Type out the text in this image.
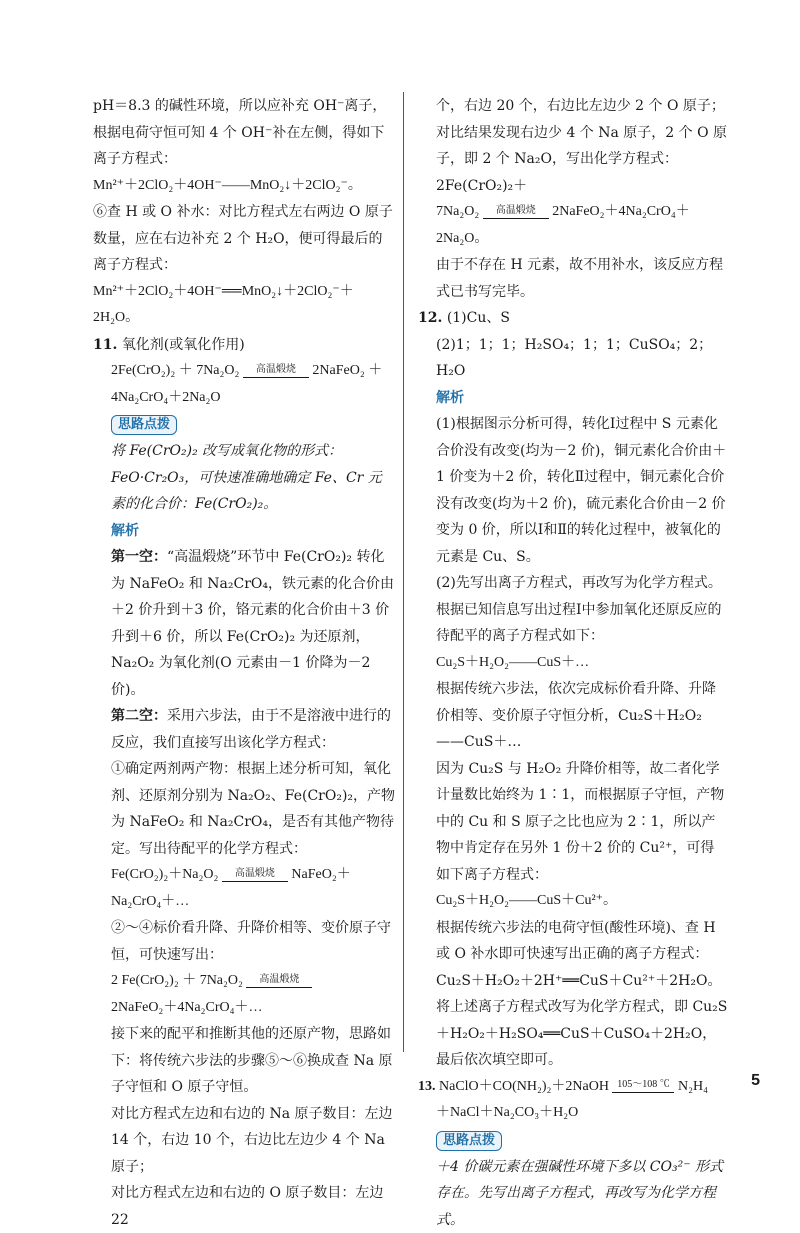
pH＝8.3 的碱性环境，所以应补充 OH⁻离子，根据电荷守恒可知 4 个 OH⁻补在左侧，得如下离子方程式：

Mn²⁺＋2ClO₂＋4OH⁻——MnO₂↓＋2ClO₂⁻。

⑥查 H 或 O 补水：对比方程式左右两边 O 原子数量，应在右边补充 2 个 H₂O，便可得最后的离子方程式：

Mn²⁺＋2ClO₂＋4OH⁻══MnO₂↓＋2ClO₂⁻＋2H₂O。

11. 氧化剂(或氧化作用)

2Fe(CrO₂)₂ ＋ 7Na₂O₂ 高温煅烧 2NaFeO₂ ＋

4Na₂CrO₄＋2Na₂O

思路点拨

将 Fe(CrO₂)₂ 改写成氧化物的形式：FeO·Cr₂O₃，可快速准确地确定 Fe、Cr 元素的化合价：Fe(CrO₂)₂。

解析

第一空：“高温煅烧”环节中 Fe(CrO₂)₂ 转化为 NaFeO₂ 和 Na₂CrO₄，铁元素的化合价由＋2 价升到＋3 价，铬元素的化合价由＋3 价升到＋6 价，所以 Fe(CrO₂)₂ 为还原剂，Na₂O₂ 为氧化剂(O 元素由－1 价降为－2 价)。

第二空：采用六步法，由于不是溶液中进行的反应，我们直接写出该化学方程式：

①确定两剂两产物：根据上述分析可知，氧化剂、还原剂分别为 Na₂O₂、Fe(CrO₂)₂，产物为 NaFeO₂ 和 Na₂CrO₄，是否有其他产物待定。写出待配平的化学方程式：

Fe(CrO₂)₂＋Na₂O₂ 高温煅烧 NaFeO₂＋Na₂CrO₄＋…

②～④标价看升降、升降价相等、变价原子守恒，可快速写出：

2 Fe(CrO₂)₂ ＋ 7Na₂O₂ 高温煅烧

2NaFeO₂＋4Na₂CrO₄＋…

接下来的配平和推断其他的还原产物，思路如下：将传统六步法的步骤⑤～⑥换成查 Na 原子守恒和 O 原子守恒。

对比方程式左边和右边的 Na 原子数目：左边 14 个，右边 10 个，右边比左边少 4 个 Na 原子；

对比方程式左边和右边的 O 原子数目：左边 22

个，右边 20 个，右边比左边少 2 个 O 原子；

对比结果发现右边少 4 个 Na 原子，2 个 O 原子，即 2 个 Na₂O，写出化学方程式：2Fe(CrO₂)₂＋

7Na₂O₂ 高温煅烧 2NaFeO₂＋4Na₂CrO₄＋2Na₂O。

由于不存在 H 元素，故不用补水，该反应方程式已书写完毕。

12. (1)Cu、S

(2)1；1；1；H₂SO₄；1；1；CuSO₄；2；H₂O

解析

(1)根据图示分析可得，转化Ⅰ过程中 S 元素化合价没有改变(均为－2 价)，铜元素化合价由＋1 价变为＋2 价，转化Ⅱ过程中，铜元素化合价没有改变(均为＋2 价)，硫元素化合价由－2 价变为 0 价，所以Ⅰ和Ⅱ的转化过程中，被氧化的元素是 Cu、S。

(2)先写出离子方程式，再改写为化学方程式。

根据已知信息写出过程Ⅰ中参加氧化还原反应的待配平的离子方程式如下：

Cu₂S＋H₂O₂——CuS＋…

根据传统六步法，依次完成标价看升降、升降价相等、变价原子守恒分析，Cu₂S＋H₂O₂——CuS＋…

因为 Cu₂S 与 H₂O₂ 升降价相等，故二者化学计量数比始终为 1∶1，而根据原子守恒，产物中的 Cu 和 S 原子之比也应为 2∶1，所以产物中肯定存在另外 1 份＋2 价的 Cu²⁺，可得如下离子方程式：

Cu₂S＋H₂O₂——CuS＋Cu²⁺。

根据传统六步法的电荷守恒(酸性环境)、查 H 或 O 补水即可快速写出正确的离子方程式：Cu₂S＋H₂O₂＋2H⁺══CuS＋Cu²⁺＋2H₂O。

将上述离子方程式改写为化学方程式，即 Cu₂S＋H₂O₂＋H₂SO₄══CuS＋CuSO₄＋2H₂O，最后依次填空即可。

13. NaClO＋CO(NH₂)₂＋2NaOH 105～108 ℃ N₂H₄

＋NaCl＋Na₂CO₃＋H₂O

思路点拨

＋4 价碳元素在强碱性环境下多以 CO₃²⁻ 形式存在。先写出离子方程式，再改写为化学方程式。

5
